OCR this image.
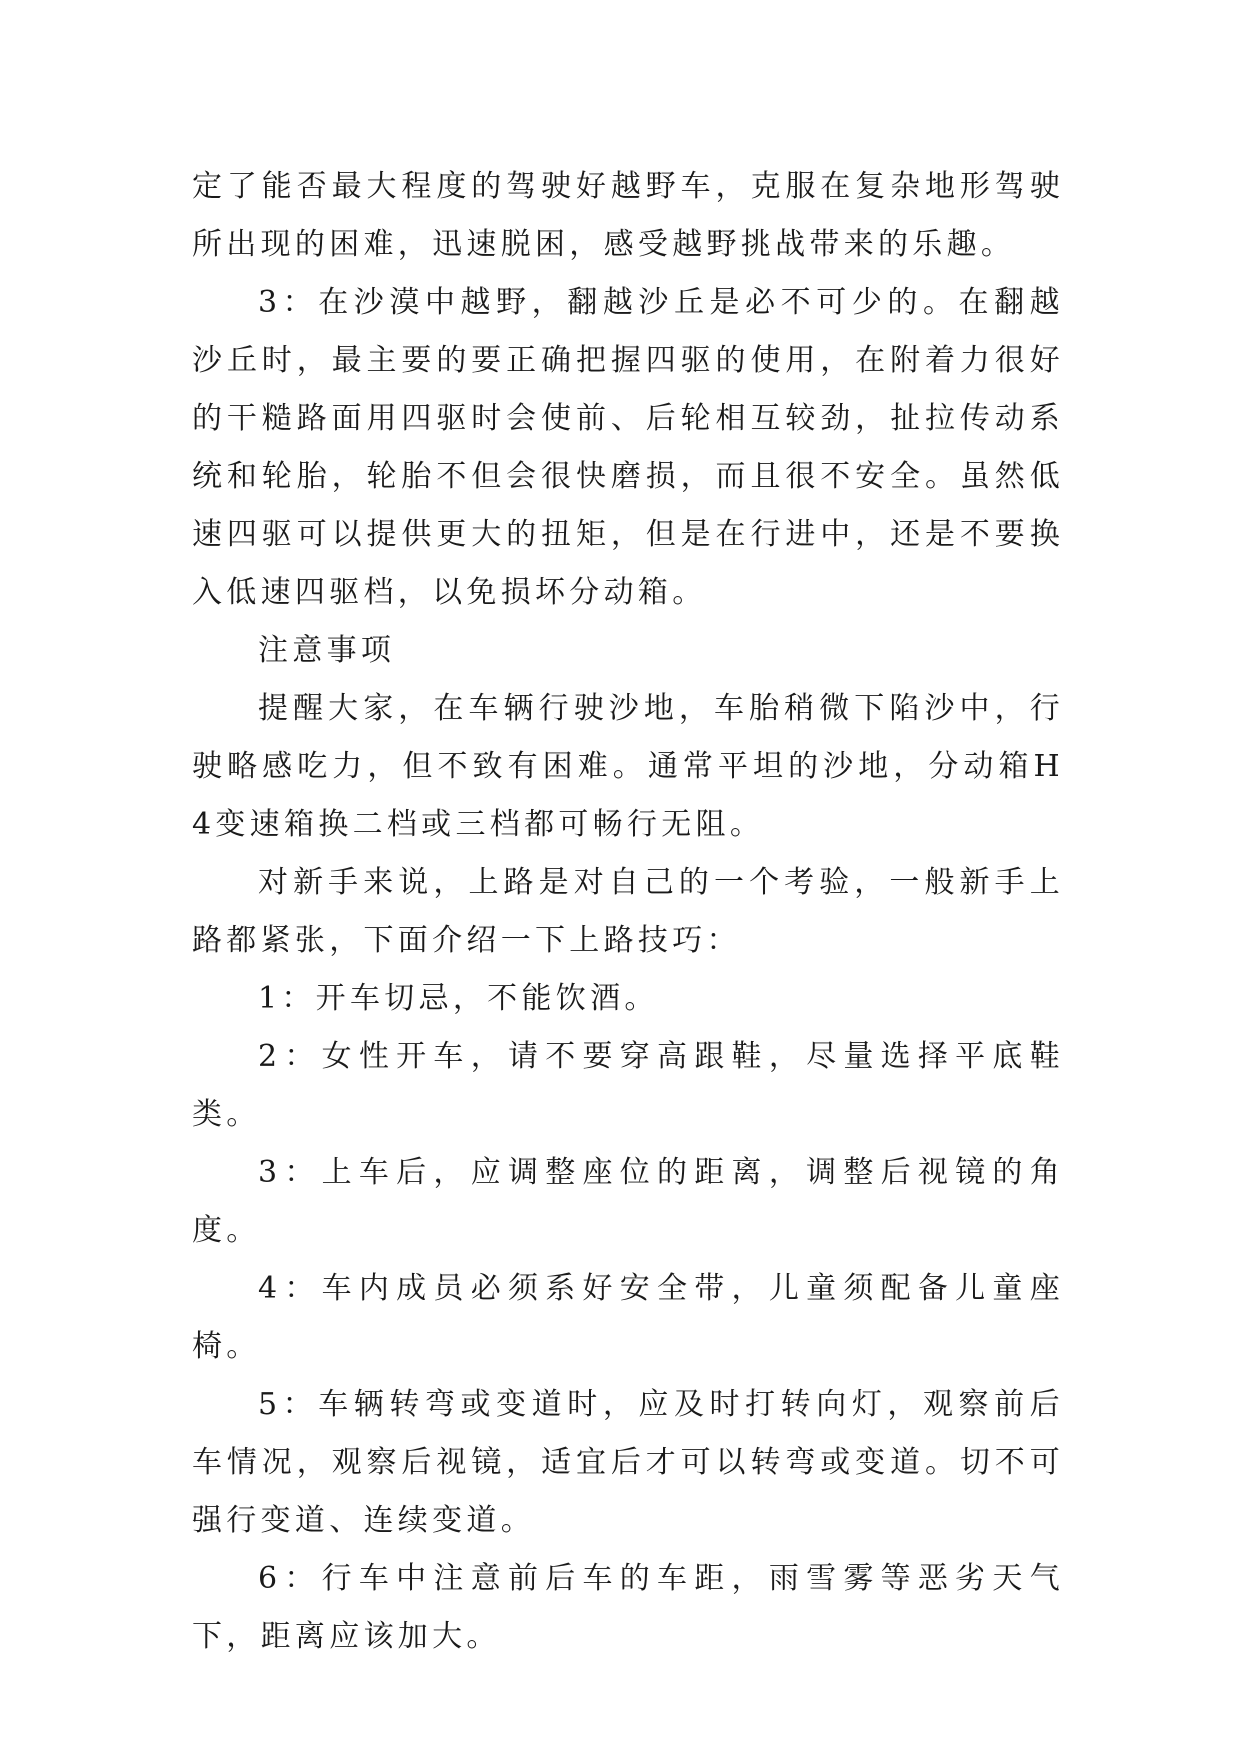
定了能否最大程度的驾驶好越野车，克服在复杂地形驾驶所出现的困难，迅速脱困，感受越野挑战带来的乐趣。

3：在沙漠中越野，翻越沙丘是必不可少的。在翻越沙丘时，最主要的要正确把握四驱的使用，在附着力很好的干糙路面用四驱时会使前、后轮相互较劲，扯拉传动系统和轮胎，轮胎不但会很快磨损，而且很不安全。虽然低速四驱可以提供更大的扭矩，但是在行进中，还是不要换入低速四驱档，以免损坏分动箱。

注意事项

提醒大家，在车辆行驶沙地，车胎稍微下陷沙中，行驶略感吃力，但不致有困难。通常平坦的沙地，分动箱H4变速箱换二档或三档都可畅行无阻。

对新手来说，上路是对自己的一个考验，一般新手上路都紧张，下面介绍一下上路技巧：

1：开车切忌，不能饮酒。

2：女性开车，请不要穿高跟鞋，尽量选择平底鞋类。

3：上车后，应调整座位的距离，调整后视镜的角度。

4：车内成员必须系好安全带，儿童须配备儿童座椅。

5：车辆转弯或变道时，应及时打转向灯，观察前后车情况，观察后视镜，适宜后才可以转弯或变道。切不可强行变道、连续变道。

6：行车中注意前后车的车距，雨雪雾等恶劣天气下，距离应该加大。
